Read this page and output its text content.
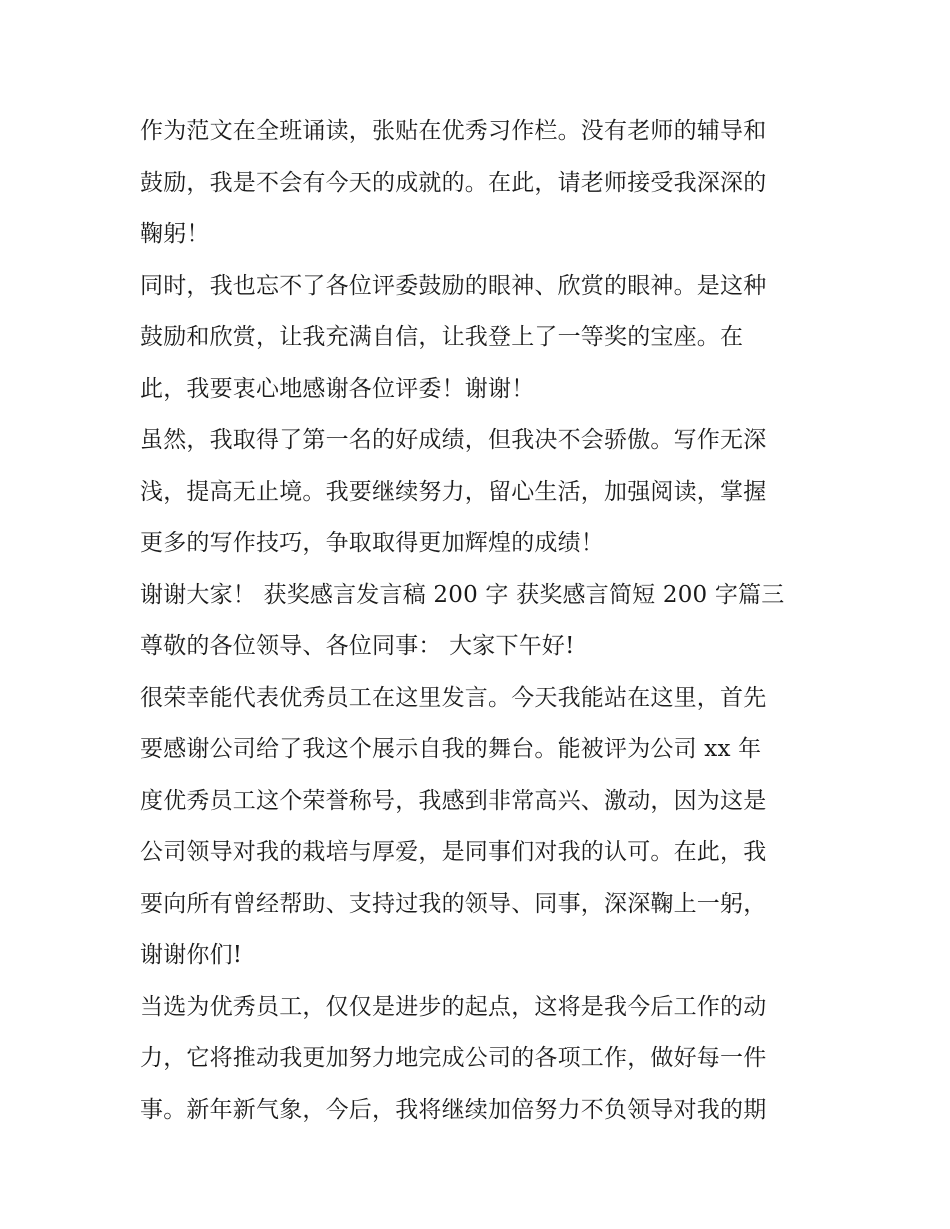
作为范文在全班诵读，张贴在优秀习作栏。没有老师的辅导和
鼓励，我是不会有今天的成就的。在此，请老师接受我深深的
鞠躬！
同时，我也忘不了各位评委鼓励的眼神、欣赏的眼神。是这种
鼓励和欣赏，让我充满自信，让我登上了一等奖的宝座。在
此，我要衷心地感谢各位评委！谢谢！
虽然，我取得了第一名的好成绩，但我决不会骄傲。写作无深
浅，提高无止境。我要继续努力，留心生活，加强阅读，掌握
更多的写作技巧，争取取得更加辉煌的成绩！
谢谢大家！ 获奖感言发言稿 200 字 获奖感言简短 200 字篇三
尊敬的各位领导、各位同事： 大家下午好!
很荣幸能代表优秀员工在这里发言。今天我能站在这里，首先
要感谢公司给了我这个展示自我的舞台。能被评为公司 xx 年
度优秀员工这个荣誉称号，我感到非常高兴、激动，因为这是
公司领导对我的栽培与厚爱，是同事们对我的认可。在此，我
要向所有曾经帮助、支持过我的领导、同事，深深鞠上一躬，
谢谢你们!
当选为优秀员工，仅仅是进步的起点，这将是我今后工作的动
力，它将推动我更加努力地完成公司的各项工作，做好每一件
事。新年新气象，今后，我将继续加倍努力不负领导对我的期
